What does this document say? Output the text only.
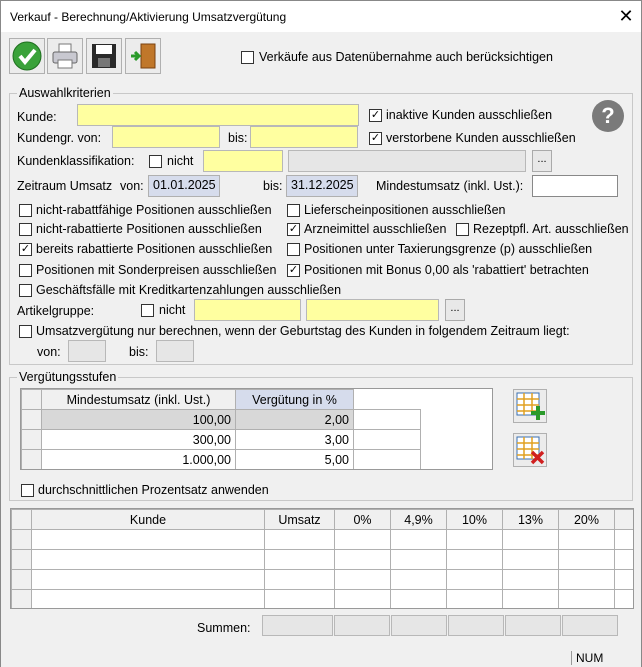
Verkauf - Berechnung/Aktivierung Umsatzvergütung	✕
Verkäufe aus Datenübernahme auch berücksichtigen
Auswahlkriterien
Kunde:	✓ inaktive Kunden ausschließen	?
Kundengr. von:	bis:	✓ verstorbene Kunden ausschließen
Kundenklassifikation:	nicht	...
Zeitraum Umsatz von: 01.01.2025	bis: 31.12.2025	Mindestumsatz (inkl. Ust.):
nicht-rabattfähige Positionen ausschließen	Lieferscheinpositionen ausschließen
nicht-rabattierte Positionen ausschließen ✓ Arzneimittel ausschließen Rezeptpfl. Art. ausschließen
✓ bereits rabattierte Positionen ausschließen	Positionen unter Taxierungsgrenze (p) ausschließen
Positionen mit Sonderpreisen ausschließen ✓ Positionen mit Bonus 0,00 als 'rabattiert' betrachten
Geschäftsfälle mit Kreditkartenzahlungen ausschließen
Artikelgruppe:	nicht	...
Umsatzvergütung nur berechnen, wenn der Geburtstag des Kunden in folgendem Zeitraum liegt:
von:	bis:
Vergütungsstufen
	Mindestumsatz (inkl. Ust.)	Vergütung in %	
	100,00	2,00	
	300,00	3,00	
	1.000,00	5,00	
durchschnittlichen Prozentsatz anwenden
	Kunde	Umsatz	0%	4,9%	10%	13%	20%	

Summen:
NUM
